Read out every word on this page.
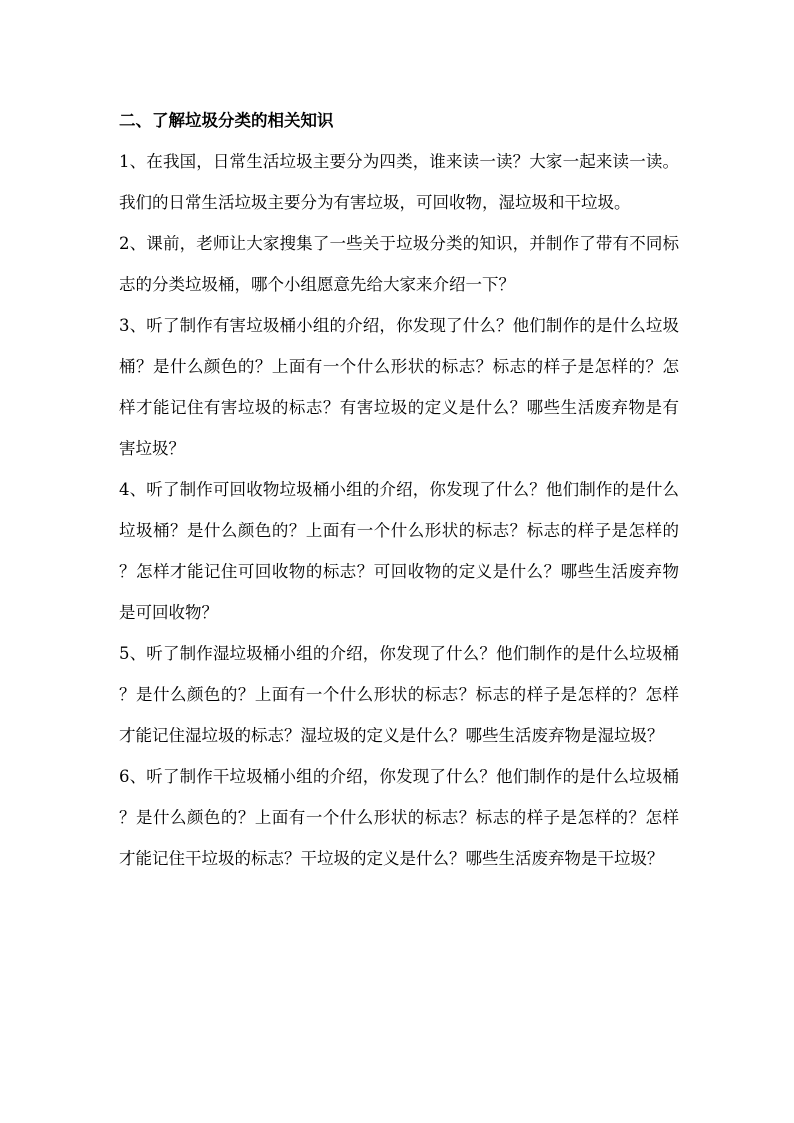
二、了解垃圾分类的相关知识

1、在我国，日常生活垃圾主要分为四类，谁来读一读？大家一起来读一读。我们的日常生活垃圾主要分为有害垃圾，可回收物，湿垃圾和干垃圾。

2、课前，老师让大家搜集了一些关于垃圾分类的知识，并制作了带有不同标志的分类垃圾桶，哪个小组愿意先给大家来介绍一下？

3、听了制作有害垃圾桶小组的介绍，你发现了什么？他们制作的是什么垃圾桶？是什么颜色的？上面有一个什么形状的标志？标志的样子是怎样的？怎样才能记住有害垃圾的标志？有害垃圾的定义是什么？哪些生活废弃物是有害垃圾？

4、听了制作可回收物垃圾桶小组的介绍，你发现了什么？他们制作的是什么垃圾桶？是什么颜色的？上面有一个什么形状的标志？标志的样子是怎样的？怎样才能记住可回收物的标志？可回收物的定义是什么？哪些生活废弃物是可回收物？

5、听了制作湿垃圾桶小组的介绍，你发现了什么？他们制作的是什么垃圾桶？是什么颜色的？上面有一个什么形状的标志？标志的样子是怎样的？怎样才能记住湿垃圾的标志？湿垃圾的定义是什么？哪些生活废弃物是湿垃圾？

6、听了制作干垃圾桶小组的介绍，你发现了什么？他们制作的是什么垃圾桶？是什么颜色的？上面有一个什么形状的标志？标志的样子是怎样的？怎样才能记住干垃圾的标志？干垃圾的定义是什么？哪些生活废弃物是干垃圾？
